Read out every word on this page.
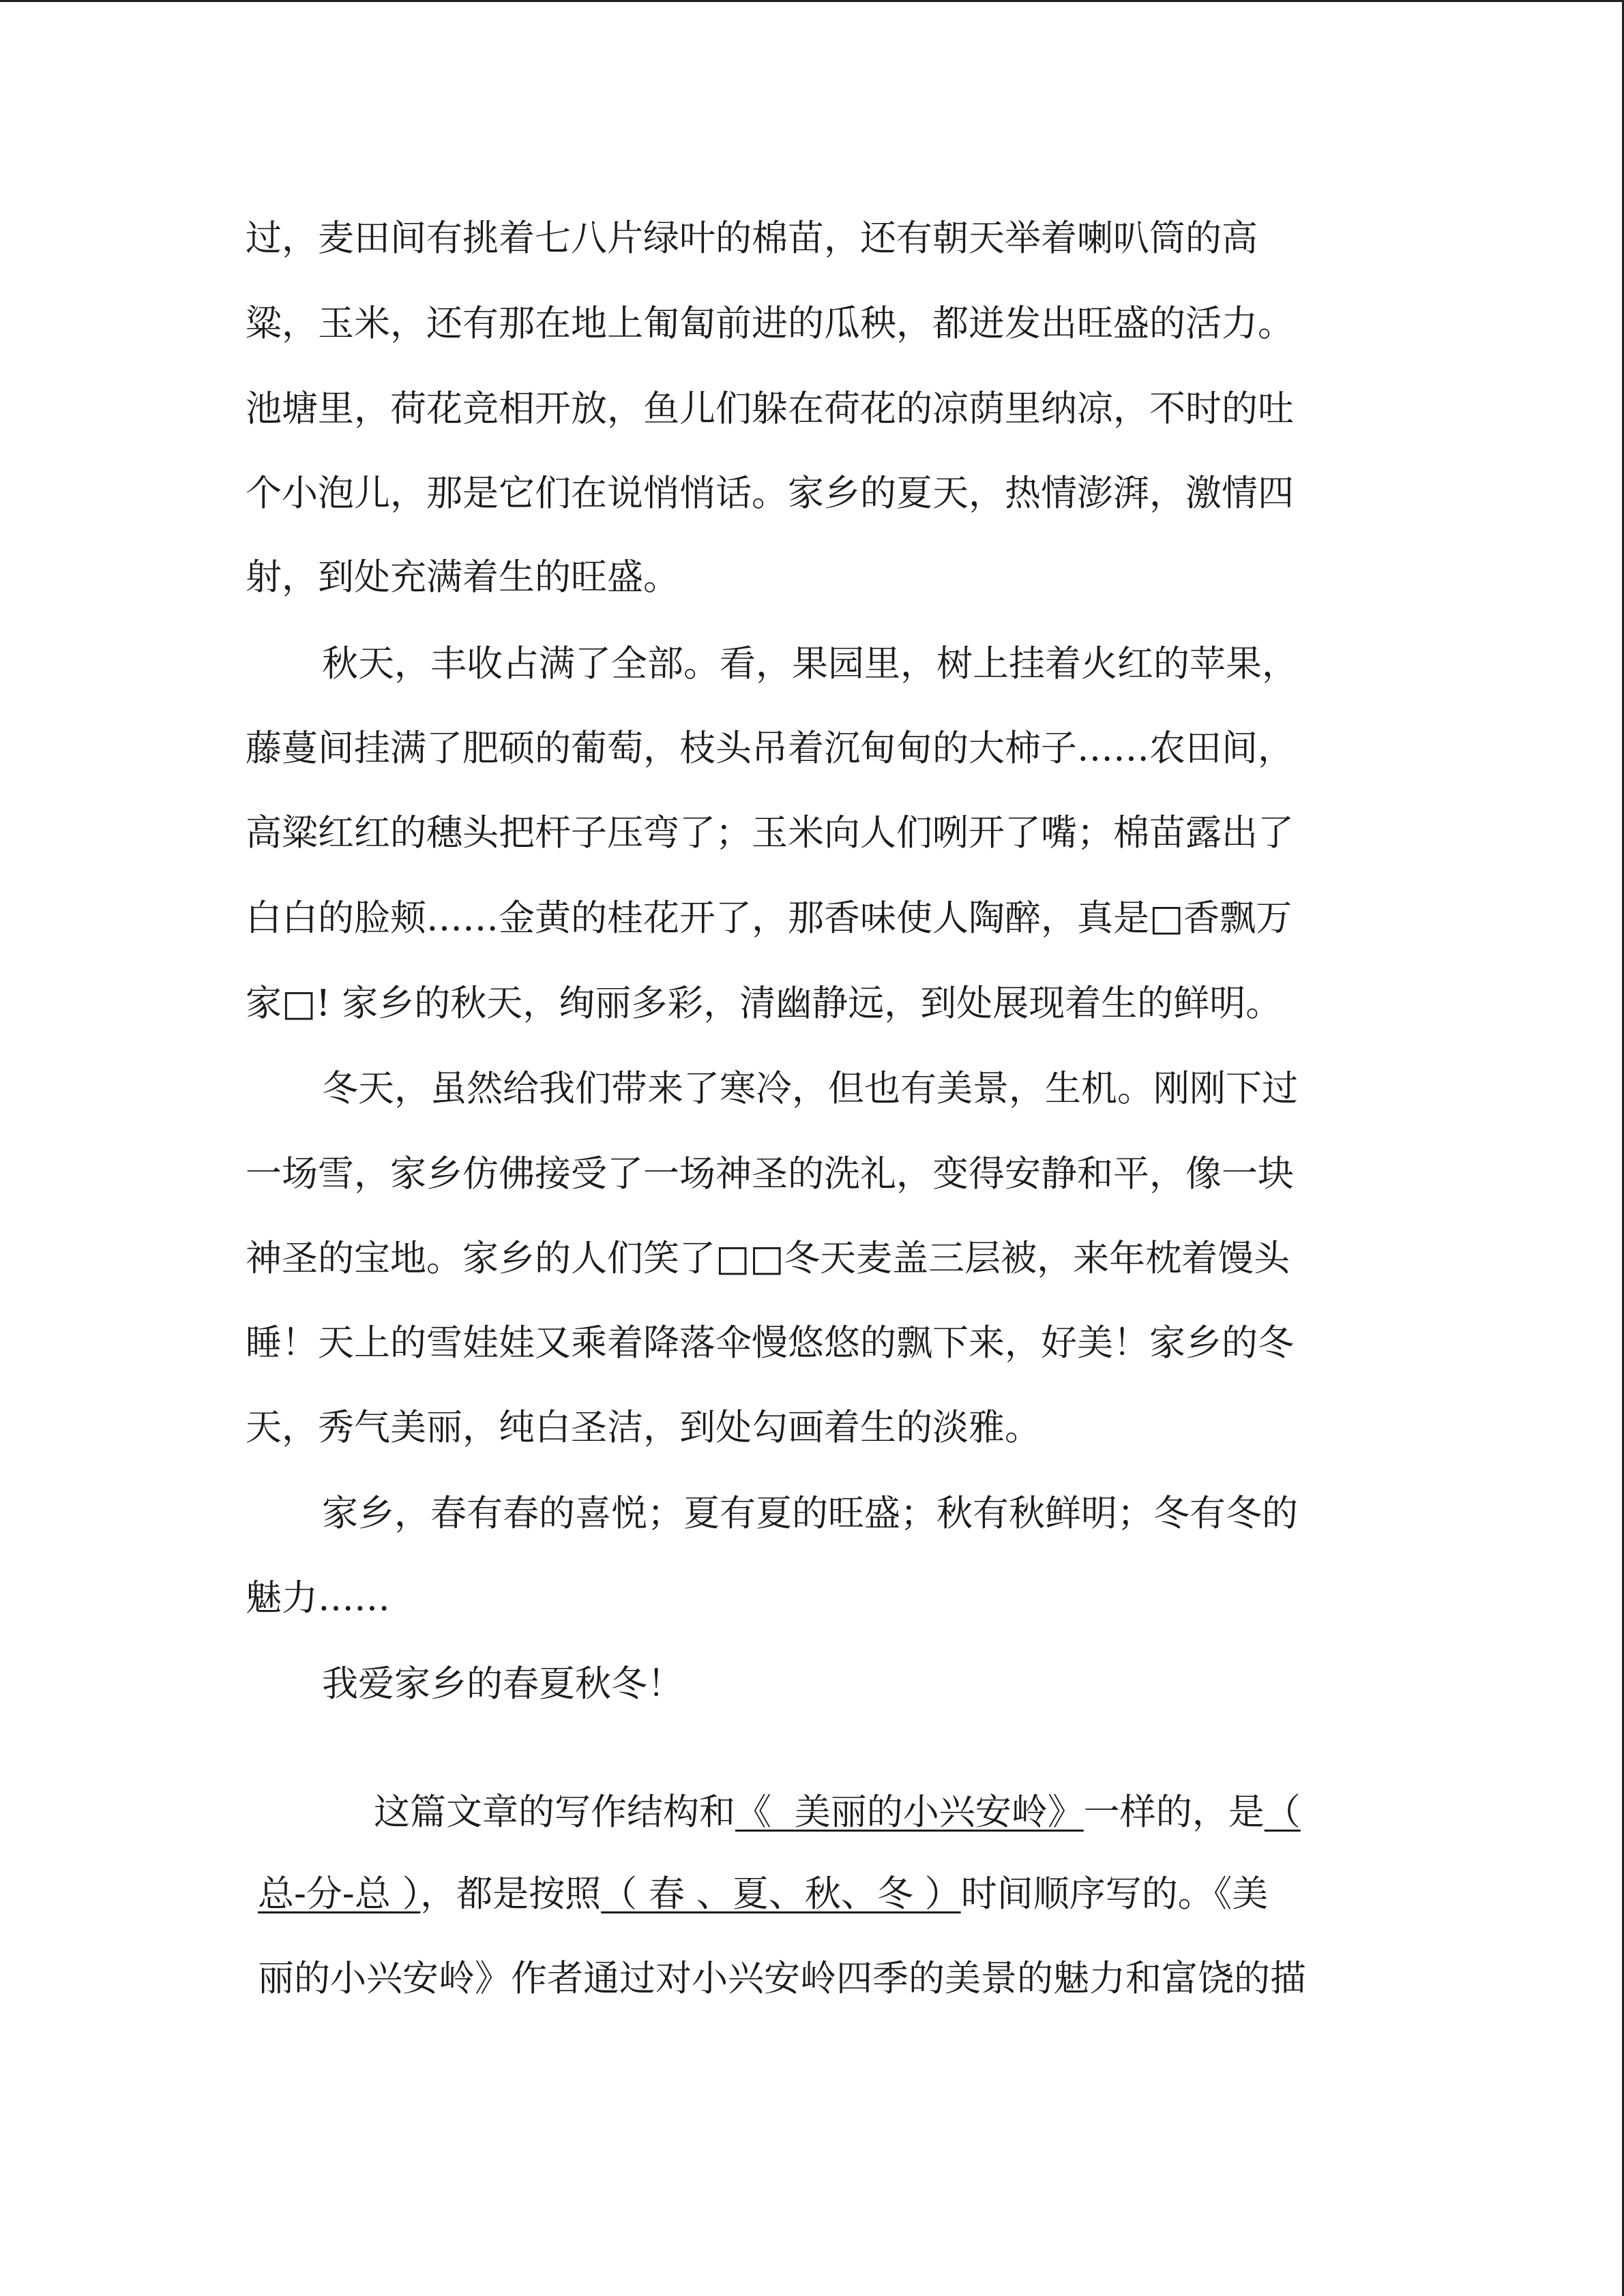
过，麦田间有挑着七八片绿叶的棉苗，还有朝天举着喇叭筒的高
粱，玉米，还有那在地上匍匐前进的瓜秧，都迸发出旺盛的活力。
池塘里，荷花竞相开放，鱼儿们躲在荷花的凉荫里纳凉，不时的吐
个小泡儿，那是它们在说悄悄话。家乡的夏天，热情澎湃，激情四
射，到处充满着生的旺盛。
秋天，丰收占满了全部。看，果园里，树上挂着火红的苹果，
藤蔓间挂满了肥硕的葡萄，枝头吊着沉甸甸的大柿子……农田间，
高粱红红的穗头把杆子压弯了；玉米向人们咧开了嘴；棉苗露出了
白白的脸颊……金黄的桂花开了，那香味使人陶醉，真是□香飘万
家□! 家乡的秋天，绚丽多彩，清幽静远，到处展现着生的鲜明。
冬天，虽然给我们带来了寒冷，但也有美景，生机。刚刚下过
一场雪，家乡仿佛接受了一场神圣的洗礼，变得安静和平，像一块
神圣的宝地。家乡的人们笑了□□冬天麦盖三层被，来年枕着馒头
睡！天上的雪娃娃又乘着降落伞慢悠悠的飘下来，好美！家乡的冬
天，秀气美丽，纯白圣洁，到处勾画着生的淡雅。
家乡，春有春的喜悦；夏有夏的旺盛；秋有秋鲜明；冬有冬的
魅力……
我爱家乡的春夏秋冬！
这篇文章的写作结构和《  美丽的小兴安岭》一样的，是（
总-分-总 ），都是按照（ 春 、夏、秋、冬 ）时间顺序写的。《美
丽的小兴安岭》作者通过对小兴安岭四季的美景的魅力和富饶的描
